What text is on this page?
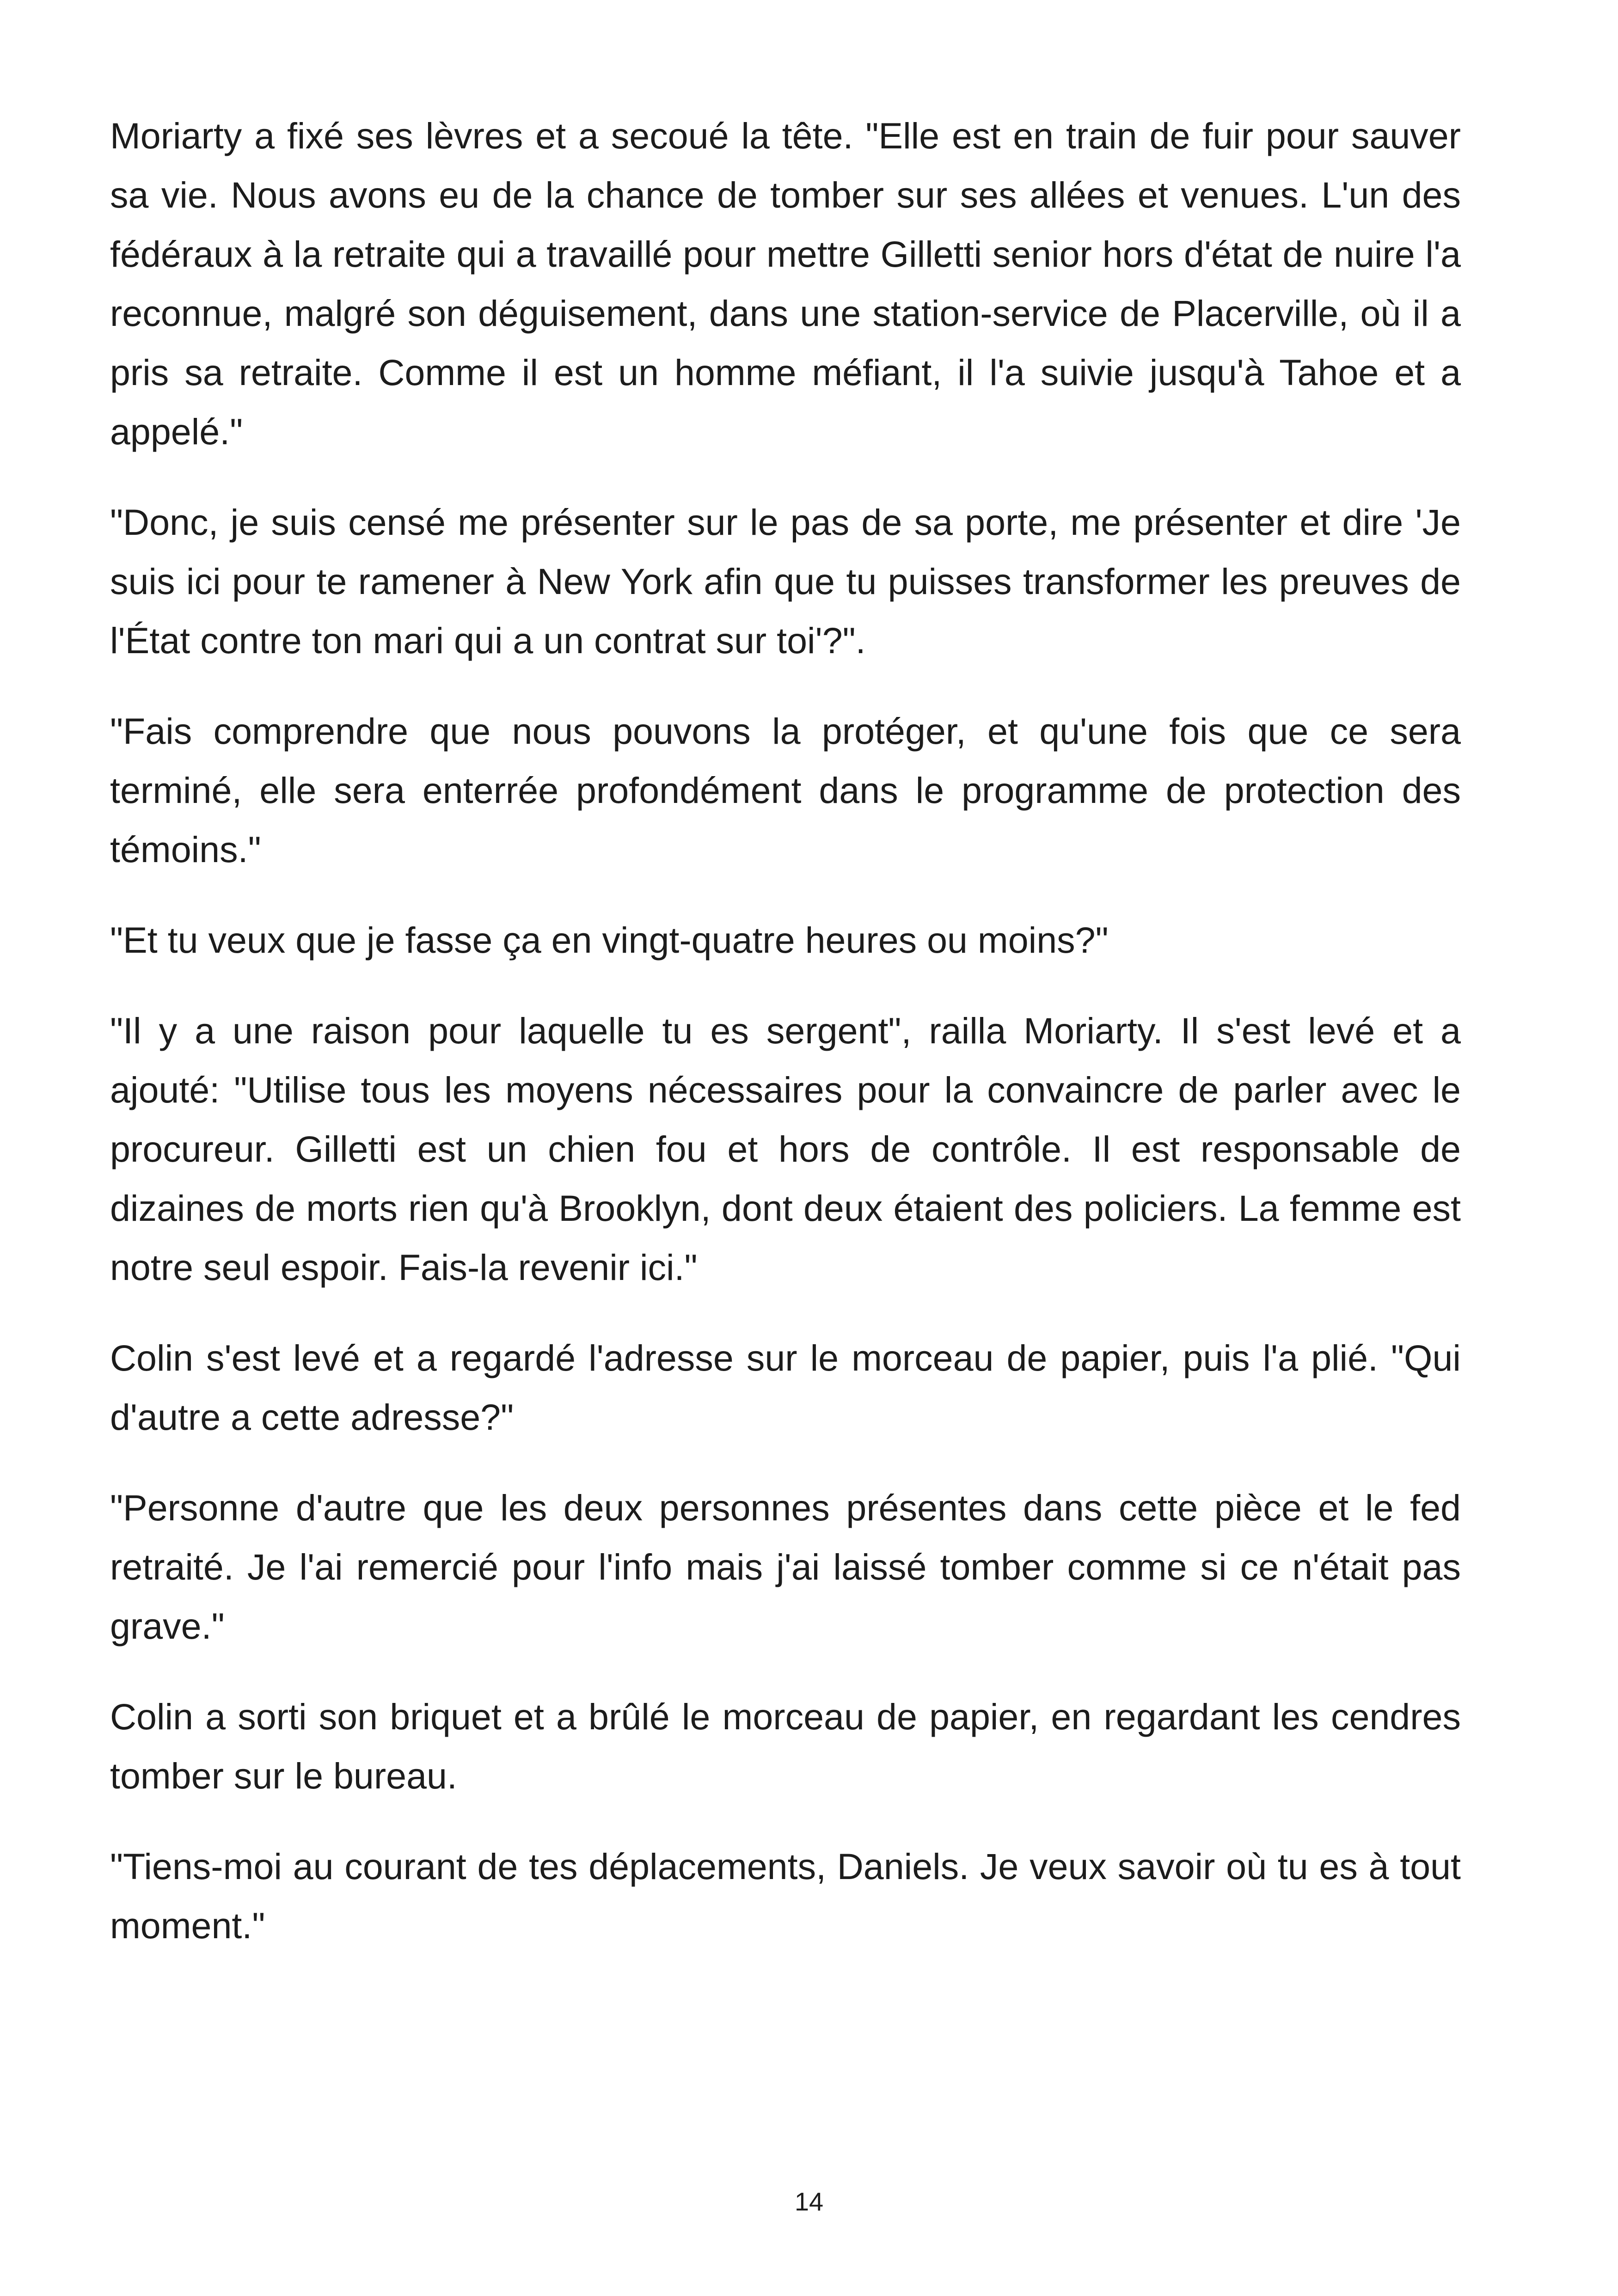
Moriarty a fixé ses lèvres et a secoué la tête. "Elle est en train de fuir pour sauver sa vie. Nous avons eu de la chance de tomber sur ses allées et venues. L'un des fédéraux à la retraite qui a travaillé pour mettre Gilletti senior hors d'état de nuire l'a reconnue, malgré son déguisement, dans une station-service de Placerville, où il a pris sa retraite. Comme il est un homme méfiant, il l'a suivie jusqu'à Tahoe et a appelé."

"Donc, je suis censé me présenter sur le pas de sa porte, me présenter et dire 'Je suis ici pour te ramener à New York afin que tu puisses transformer les preuves de l'État contre ton mari qui a un contrat sur toi'?".

"Fais comprendre que nous pouvons la protéger, et qu'une fois que ce sera terminé, elle sera enterrée profondément dans le programme de protection des témoins."

"Et tu veux que je fasse ça en vingt-quatre heures ou moins?"

"Il y a une raison pour laquelle tu es sergent", railla Moriarty. Il s'est levé et a ajouté: "Utilise tous les moyens nécessaires pour la convaincre de parler avec le procureur. Gilletti est un chien fou et hors de contrôle. Il est responsable de dizaines de morts rien qu'à Brooklyn, dont deux étaient des policiers. La femme est notre seul espoir. Fais-la revenir ici."

Colin s'est levé et a regardé l'adresse sur le morceau de papier, puis l'a plié. "Qui d'autre a cette adresse?"

"Personne d'autre que les deux personnes présentes dans cette pièce et le fed retraité. Je l'ai remercié pour l'info mais j'ai laissé tomber comme si ce n'était pas grave."

Colin a sorti son briquet et a brûlé le morceau de papier, en regardant les cendres tomber sur le bureau.

"Tiens-moi au courant de tes déplacements, Daniels. Je veux savoir où tu es à tout moment."

14
